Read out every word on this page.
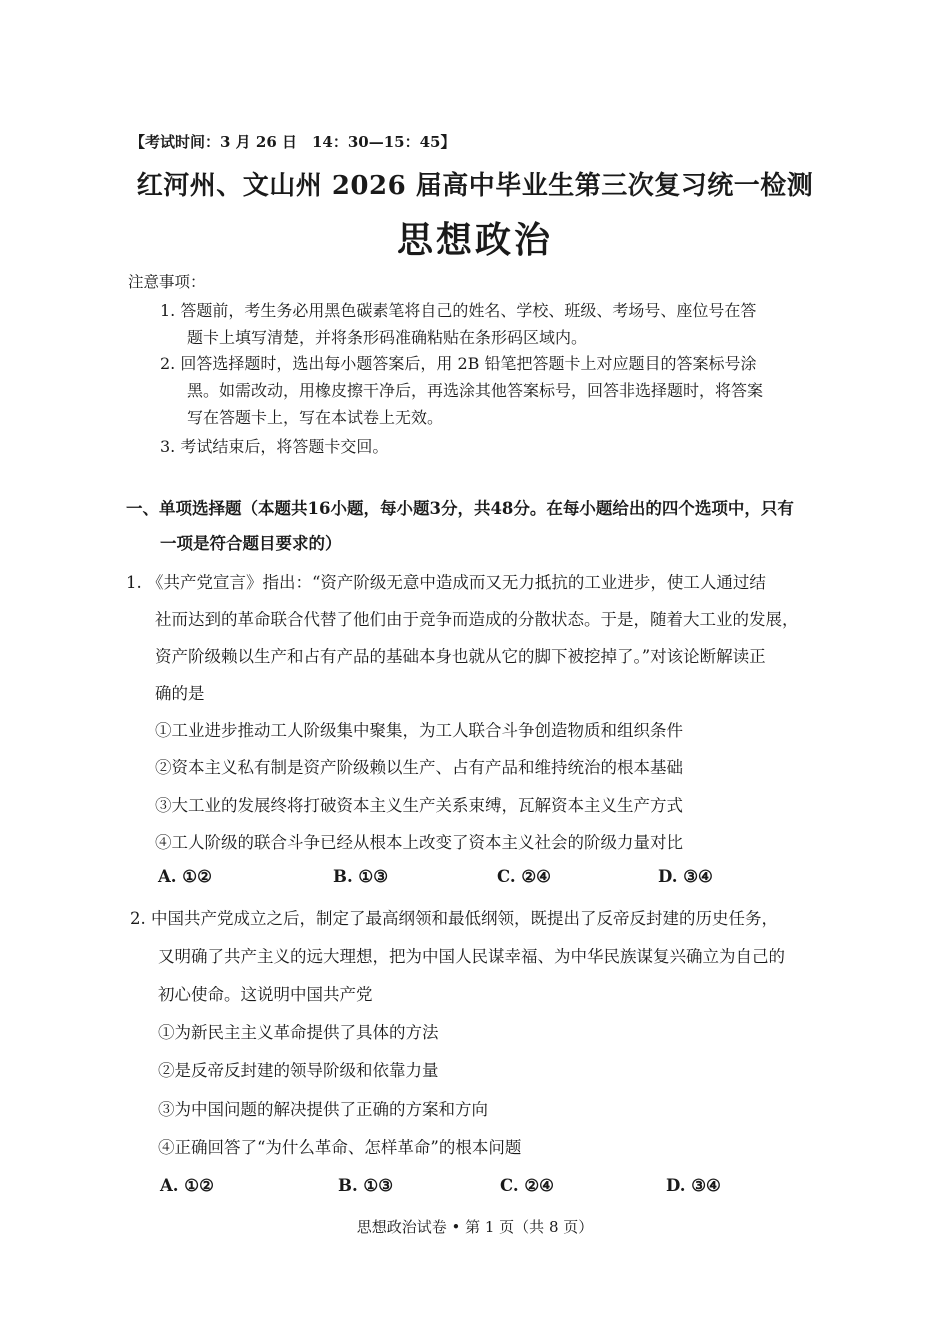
【考试时间：3 月 26 日　14：30—15：45】
红河州、文山州 2026 届高中毕业生第三次复习统一检测
思想政治
注意事项：
1. 答题前，考生务必用黑色碳素笔将自己的姓名、学校、班级、考场号、座位号在答
题卡上填写清楚，并将条形码准确粘贴在条形码区域内。
2. 回答选择题时，选出每小题答案后，用 2B 铅笔把答题卡上对应题目的答案标号涂
黑。如需改动，用橡皮擦干净后，再选涂其他答案标号，回答非选择题时，将答案
写在答题卡上，写在本试卷上无效。
3. 考试结束后，将答题卡交回。
一、单项选择题（本题共16小题，每小题3分，共48分。在每小题给出的四个选项中，只有
一项是符合题目要求的）
1. 《共产党宣言》指出：“资产阶级无意中造成而又无力抵抗的工业进步，使工人通过结
社而达到的革命联合代替了他们由于竞争而造成的分散状态。于是，随着大工业的发展，
资产阶级赖以生产和占有产品的基础本身也就从它的脚下被挖掉了。”对该论断解读正
确的是
①工业进步推动工人阶级集中聚集，为工人联合斗争创造物质和组织条件
②资本主义私有制是资产阶级赖以生产、占有产品和维持统治的根本基础
③大工业的发展终将打破资本主义生产关系束缚，瓦解资本主义生产方式
④工人阶级的联合斗争已经从根本上改变了资本主义社会的阶级力量对比
A. ①②	B. ①③	C. ②④	D. ③④
2. 中国共产党成立之后，制定了最高纲领和最低纲领，既提出了反帝反封建的历史任务，
又明确了共产主义的远大理想，把为中国人民谋幸福、为中华民族谋复兴确立为自己的
初心使命。这说明中国共产党
①为新民主主义革命提供了具体的方法
②是反帝反封建的领导阶级和依靠力量
③为中国问题的解决提供了正确的方案和方向
④正确回答了“为什么革命、怎样革命”的根本问题
A. ①②	B. ①③	C. ②④	D. ③④
思想政治试卷 • 第 1 页（共 8 页）
